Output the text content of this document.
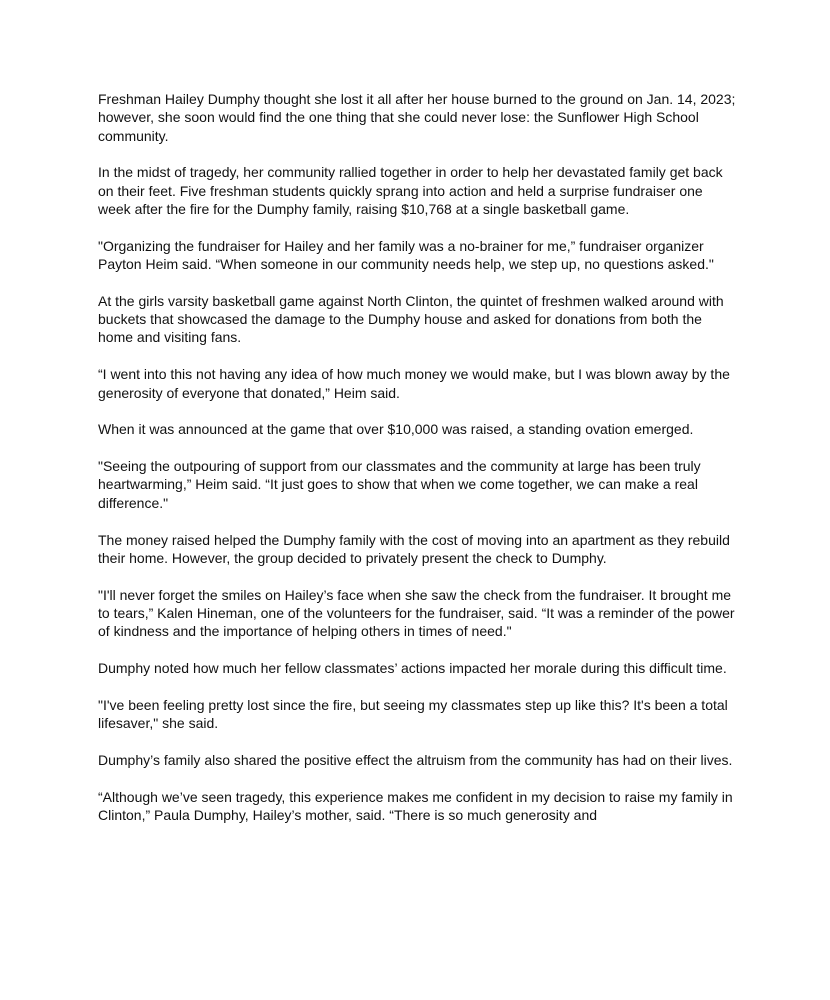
Freshman Hailey Dumphy thought she lost it all after her house burned to the ground on Jan. 14, 2023; however, she soon would find the one thing that she could never lose: the Sunflower High School community.

In the midst of tragedy, her community rallied together in order to help her devastated family get back on their feet. Five freshman students quickly sprang into action and held a surprise fundraiser one week after the fire for the Dumphy family, raising $10,768 at a single basketball game.

"Organizing the fundraiser for Hailey and her family was a no-brainer for me,” fundraiser organizer Payton Heim said. “When someone in our community needs help, we step up, no questions asked."

At the girls varsity basketball game against North Clinton, the quintet of freshmen walked around with buckets that showcased the damage to the Dumphy house and asked for donations from both the home and visiting fans.

“I went into this not having any idea of how much money we would make, but I was blown away by the generosity of everyone that donated,” Heim said.

When it was announced at the game that over $10,000 was raised, a standing ovation emerged.

"Seeing the outpouring of support from our classmates and the community at large has been truly heartwarming,” Heim said. “It just goes to show that when we come together, we can make a real difference."

The money raised helped the Dumphy family with the cost of moving into an apartment as they rebuild their home. However, the group decided to privately present the check to Dumphy.

"I'll never forget the smiles on Hailey’s face when she saw the check from the fundraiser. It brought me to tears,” Kalen Hineman, one of the volunteers for the fundraiser, said. “It was a reminder of the power of kindness and the importance of helping others in times of need."

Dumphy noted how much her fellow classmates’ actions impacted her morale during this difficult time.

"I've been feeling pretty lost since the fire, but seeing my classmates step up like this? It's been a total lifesaver," she said.

Dumphy’s family also shared the positive effect the altruism from the community has had on their lives.

“Although we’ve seen tragedy, this experience makes me confident in my decision to raise my family in Clinton,” Paula Dumphy, Hailey’s mother, said. “There is so much generosity and
